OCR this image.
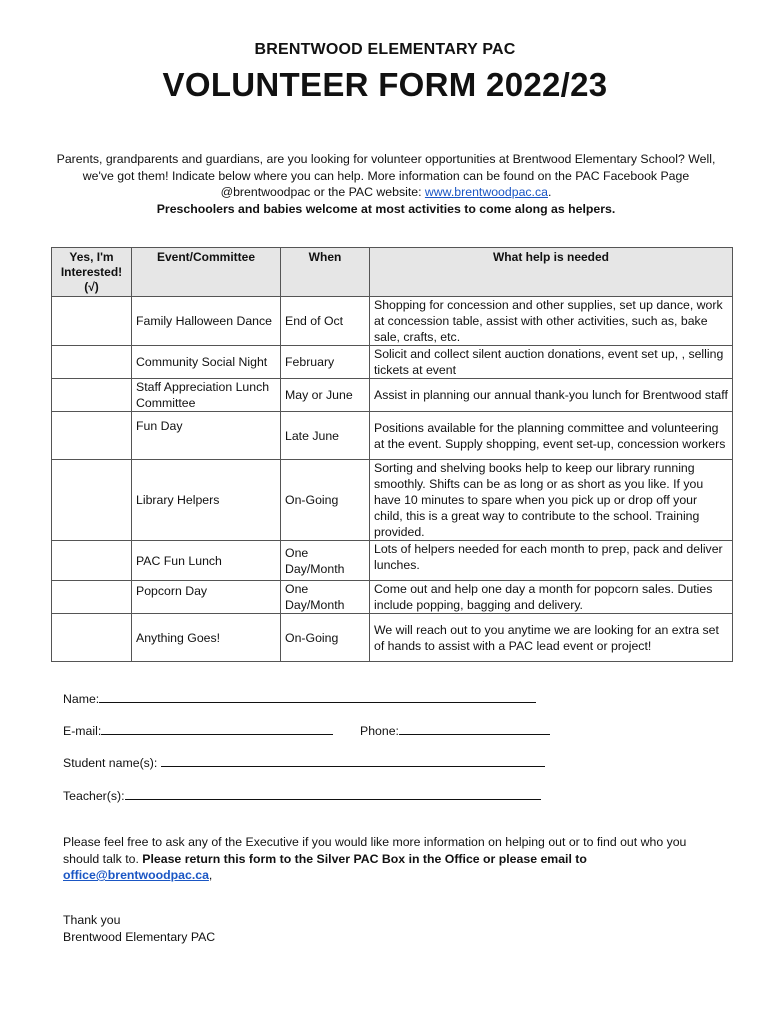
BRENTWOOD ELEMENTARY PAC
VOLUNTEER FORM 2022/23
Parents, grandparents and guardians, are you looking for volunteer opportunities at Brentwood Elementary School? Well, we've got them! Indicate below where you can help. More information can be found on the PAC Facebook Page @brentwoodpac or the PAC website: www.brentwoodpac.ca.
Preschoolers and babies welcome at most activities to come along as helpers.
Yes, I'm Interested! (√)	Event/Committee	When	What help is needed
	Family Halloween Dance	End of Oct	Shopping for concession and other supplies, set up dance, work at concession table, assist with other activities, such as, bake sale, crafts, etc.
	Community Social Night	February	Solicit and collect silent auction donations, event set up, , selling tickets at event
	Staff Appreciation Lunch Committee	May or June	Assist in planning our annual thank-you lunch for Brentwood staff
	Fun Day	Late June	Positions available for the planning committee and volunteering at the event. Supply shopping, event set-up, concession workers
	Library Helpers	On-Going	Sorting and shelving books help to keep our library running smoothly. Shifts can be as long or as short as you like. If you have 10 minutes to spare when you pick up or drop off your child, this is a great way to contribute to the school. Training provided.
	PAC Fun Lunch	One Day/Month	Lots of helpers needed for each month to prep, pack and deliver lunches.
	Popcorn Day	One Day/Month	Come out and help one day a month for popcorn sales. Duties include popping, bagging and delivery.
	Anything Goes!	On-Going	We will reach out to you anytime we are looking for an extra set of hands to assist with a PAC lead event or project!
Name:
E-mail:	Phone:
Student name(s):
Teacher(s):
Please feel free to ask any of the Executive if you would like more information on helping out or to find out who you should talk to. Please return this form to the Silver PAC Box in the Office or please email to office@brentwoodpac.ca,
Thank you
Brentwood Elementary PAC
